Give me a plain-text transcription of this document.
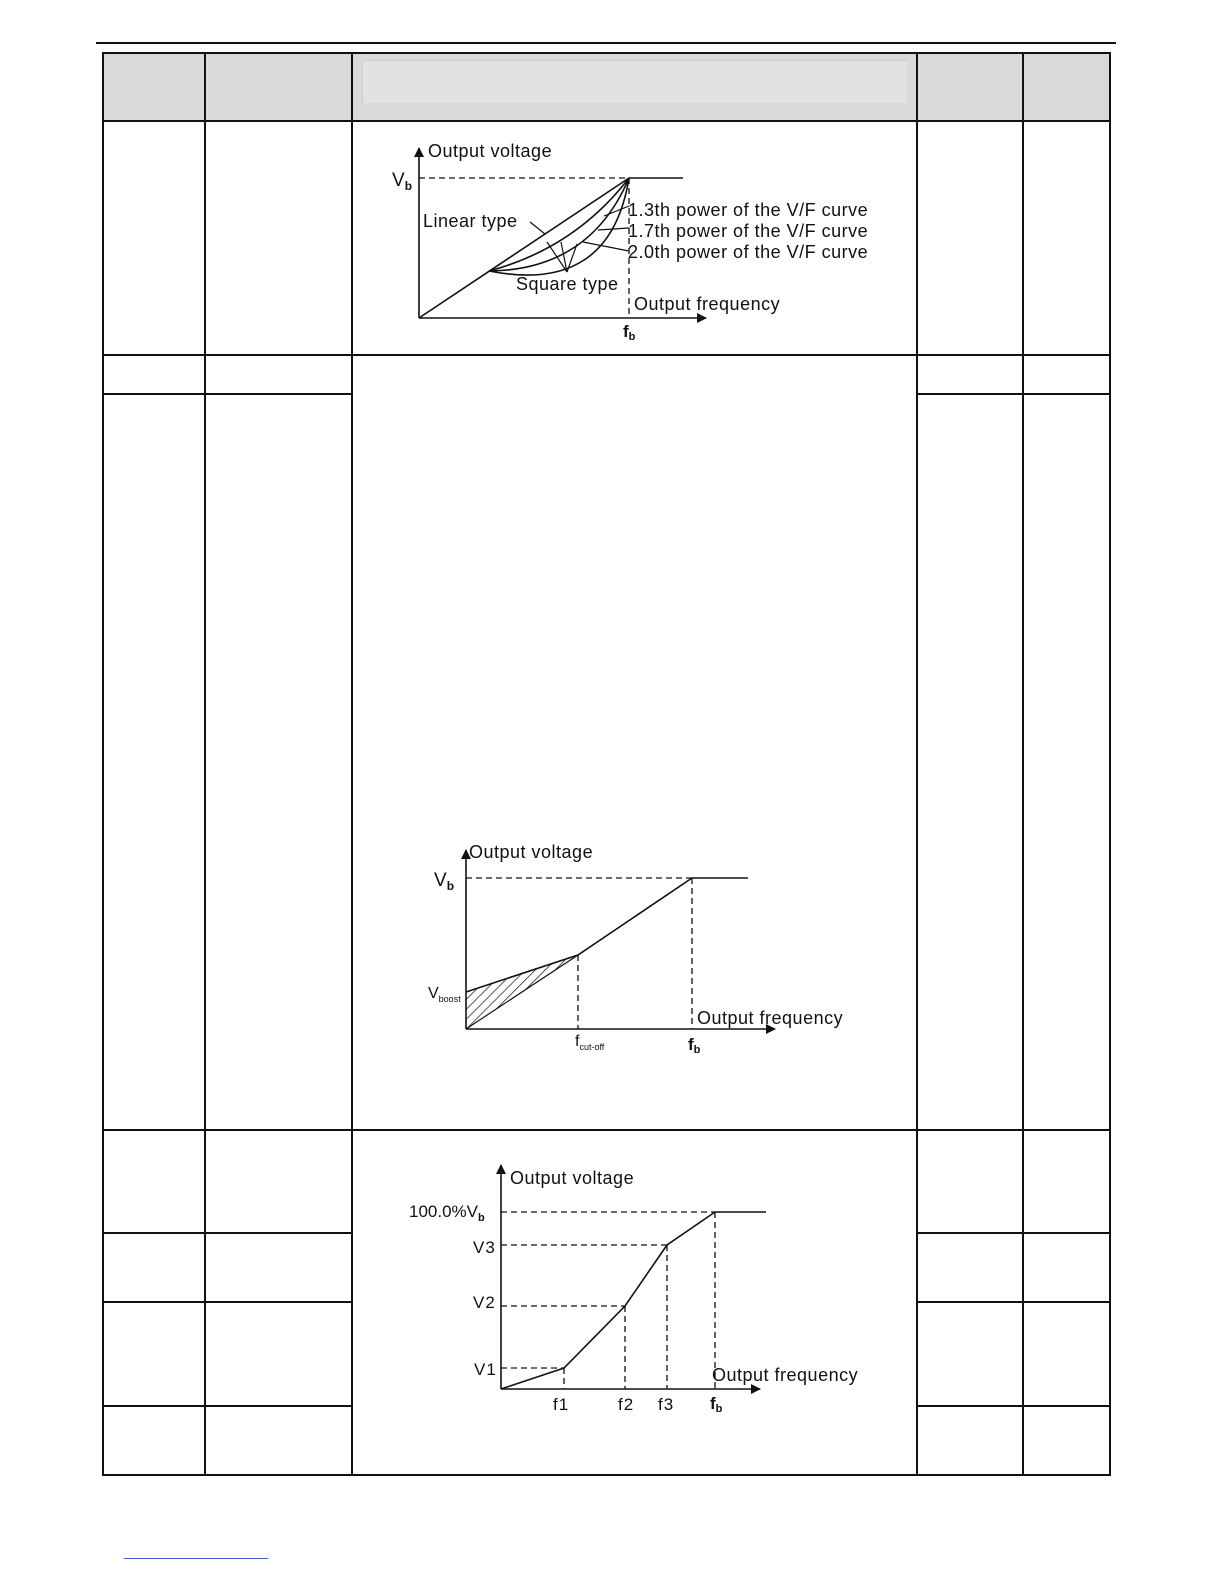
Output voltage
$V_b$
Linear type
1.3th power of the V/F curve
1.7th power of the V/F curve
2.0th power of the V/F curve
Square type
Output frequency
fb
Output voltage
$V_b$
$V_{boost}$
Output frequency
$f_{cut-off}$	fb
Output voltage
$100.0\%V_b$
V3
V2
V1	Output frequency
f1	f2 f3 fb
